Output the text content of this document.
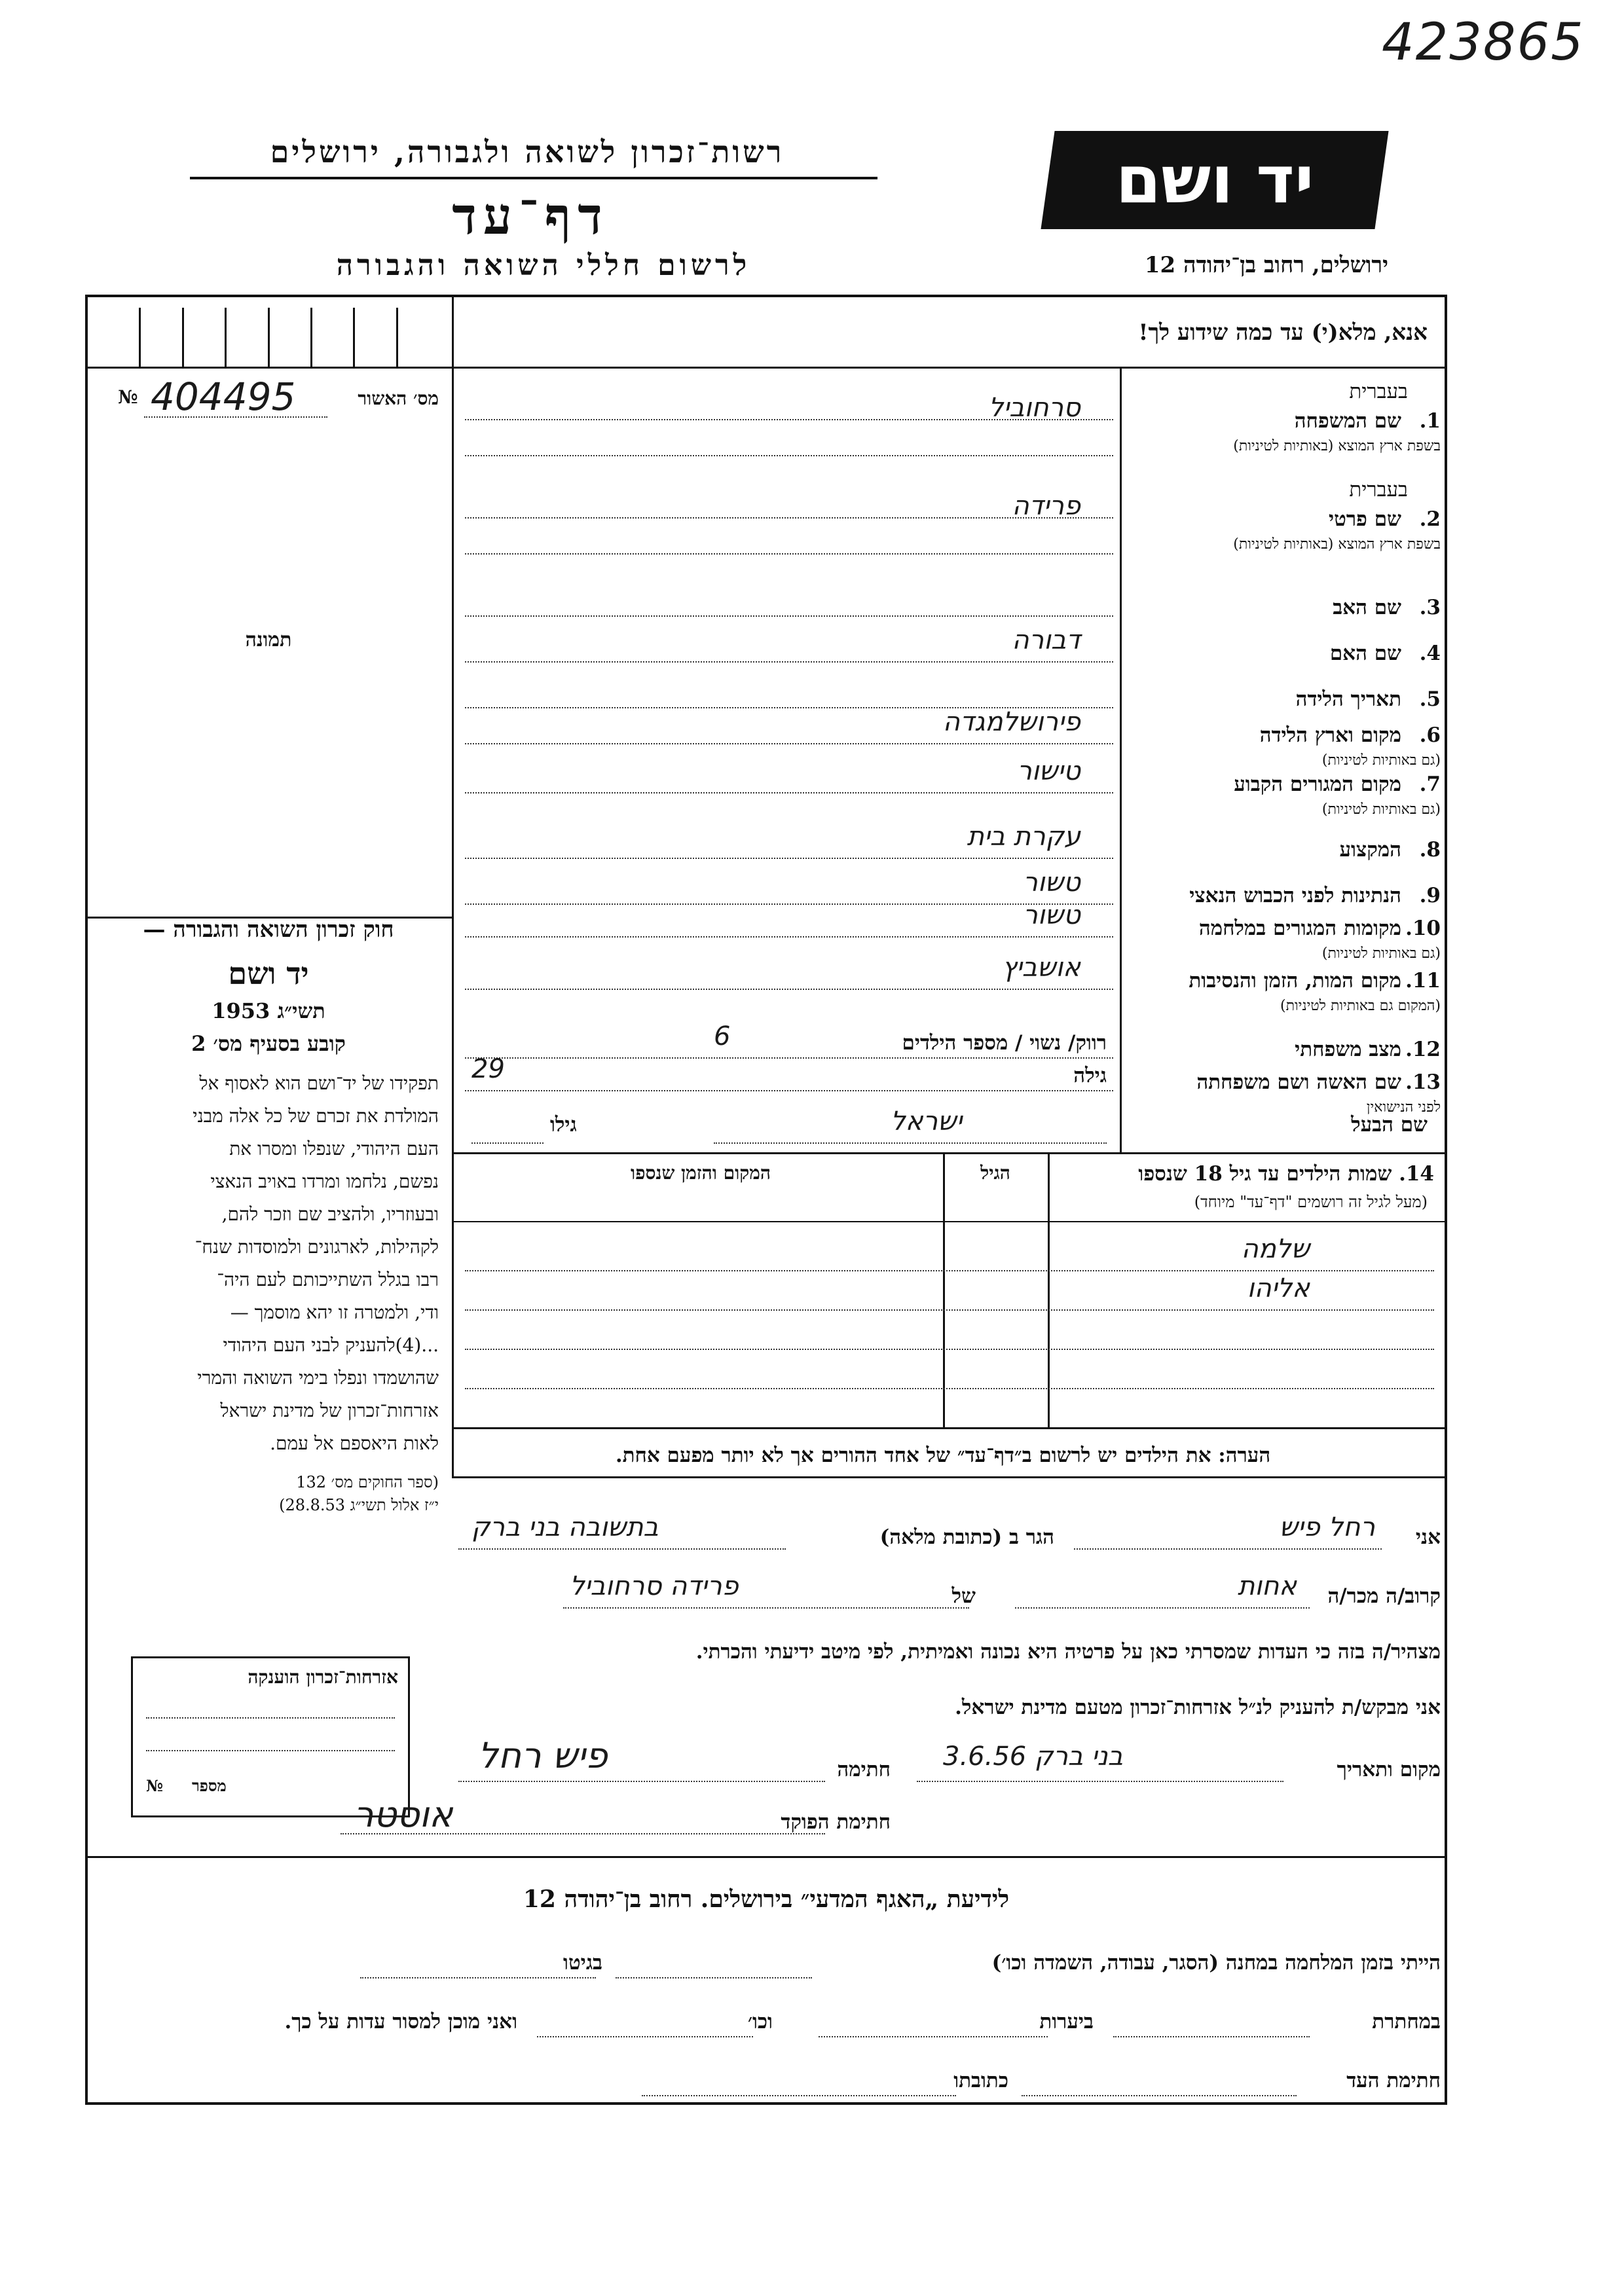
423865
יד ושם
רשות־זכרון לשואה ולגבורה, ירושלים
דף־עד
לרשום חללי השואה והגבורה	ירושלים, רחוב בן־יהודה 12
אנא, מלא(י) עד כמה שידוע לך!
№ 404495	מס׳ האשור
תמונה
חוק זכרון השואה והגבורה —
יד ושם
תשי״ג 1953
קובע בסעיף מס׳ 2
תפקידו של יד־ושם הוא לאסוף אל
המולדת את זכרם של כל אלה מבני
העם היהודי, שנפלו ומסרו את
נפשם, נלחמו ומרדו באויב הנאצי
ובעוזריו, ולהציב שם וזכר להם,
לקהילות, לארגונים ולמוסדות שנח־
רבו בגלל השתייכותם לעם היה־
ודי, ולמטרה זו יהא מוסמך —
...(4)להעניק לבני העם היהודי
שהושמדו ונפלו בימי השואה והמרי
אזרחות־זכרון של מדינת ישראל
לאות היאספם אל עמם.
(ספר החוקים מס׳ 132
י״ז אלול תשי״ג 28.8.53)
אזרחות־זכרון הוענקה
מספר
№
1.
שם המשפחה
בעברית
בשפת ארץ המוצא (באותיות לטיניות)
סרחוביל
2.
שם פרטי
בעברית
בשפת ארץ המוצא (באותיות לטיניות)
פרידה
3.
שם האב
4.
שם האם
דבורה
5.
תאריך הלידה
6.
מקום וארץ הלידה
(גם באותיות לטיניות)
פירושלמגדה
7.
מקום המגורים הקבוע
(גם באותיות לטיניות)
טישור
8.
המקצוע
עקרת בית
9.
הנתינות לפני הכבוש הנאצי
טשור
10.
מקומות המגורים במלחמה
(גם באותיות לטיניות)
טשור
11.
מקום המות, הזמן והנסיבות
(המקום גם באותיות לטיניות)
אושביץ
12.
מצב משפחתי
רווק/ נשוי / מספר הילדים
6
13.
שם האשה ושם משפחתה
לפני הנישואין
גילה
29
שם הבעל
ישראל
גילו
14. שמות הילדים עד גיל 18 שנספו
(מעל לגיל זה רושמים "דף־עד" מיוחד)
הגיל
המקום והזמן שנספו
שלמה
אליהו
הערה: את הילדים יש לרשום ב״דף־עד״ של אחד ההורים אך לא יותר מפעם אחת.
אני
רחל פיש
הגר ב (כתובת מלאה)
בתשובה בני ברק
קרוב/ה מכר/ה
אחות
של
פרידה סרחוביל
מצהיר/ה בזה כי העדות שמסרתי כאן על פרטיה היא נכונה ואמיתית, לפי מיטב ידיעתי והכרתי.
אני מבקש/ת להעניק לנ״ל אזרחות־זכרון מטעם מדינת ישראל.
מקום ותאריך
בני ברק 3.6.56
חתימה
פיש רחל
חתימת הפוקד
אוסטר
לידיעת „האגף המדעי״ בירושלים. רחוב בן־יהודה 12
הייתי בזמן המלחמה במחנה (הסגר, עבודה, השמדה וכו׳)
בגיטו
במחתרת
ביערות
וכו׳
ואני מוכן למסור עדות על כך.
חתימת העד
כתובתו
